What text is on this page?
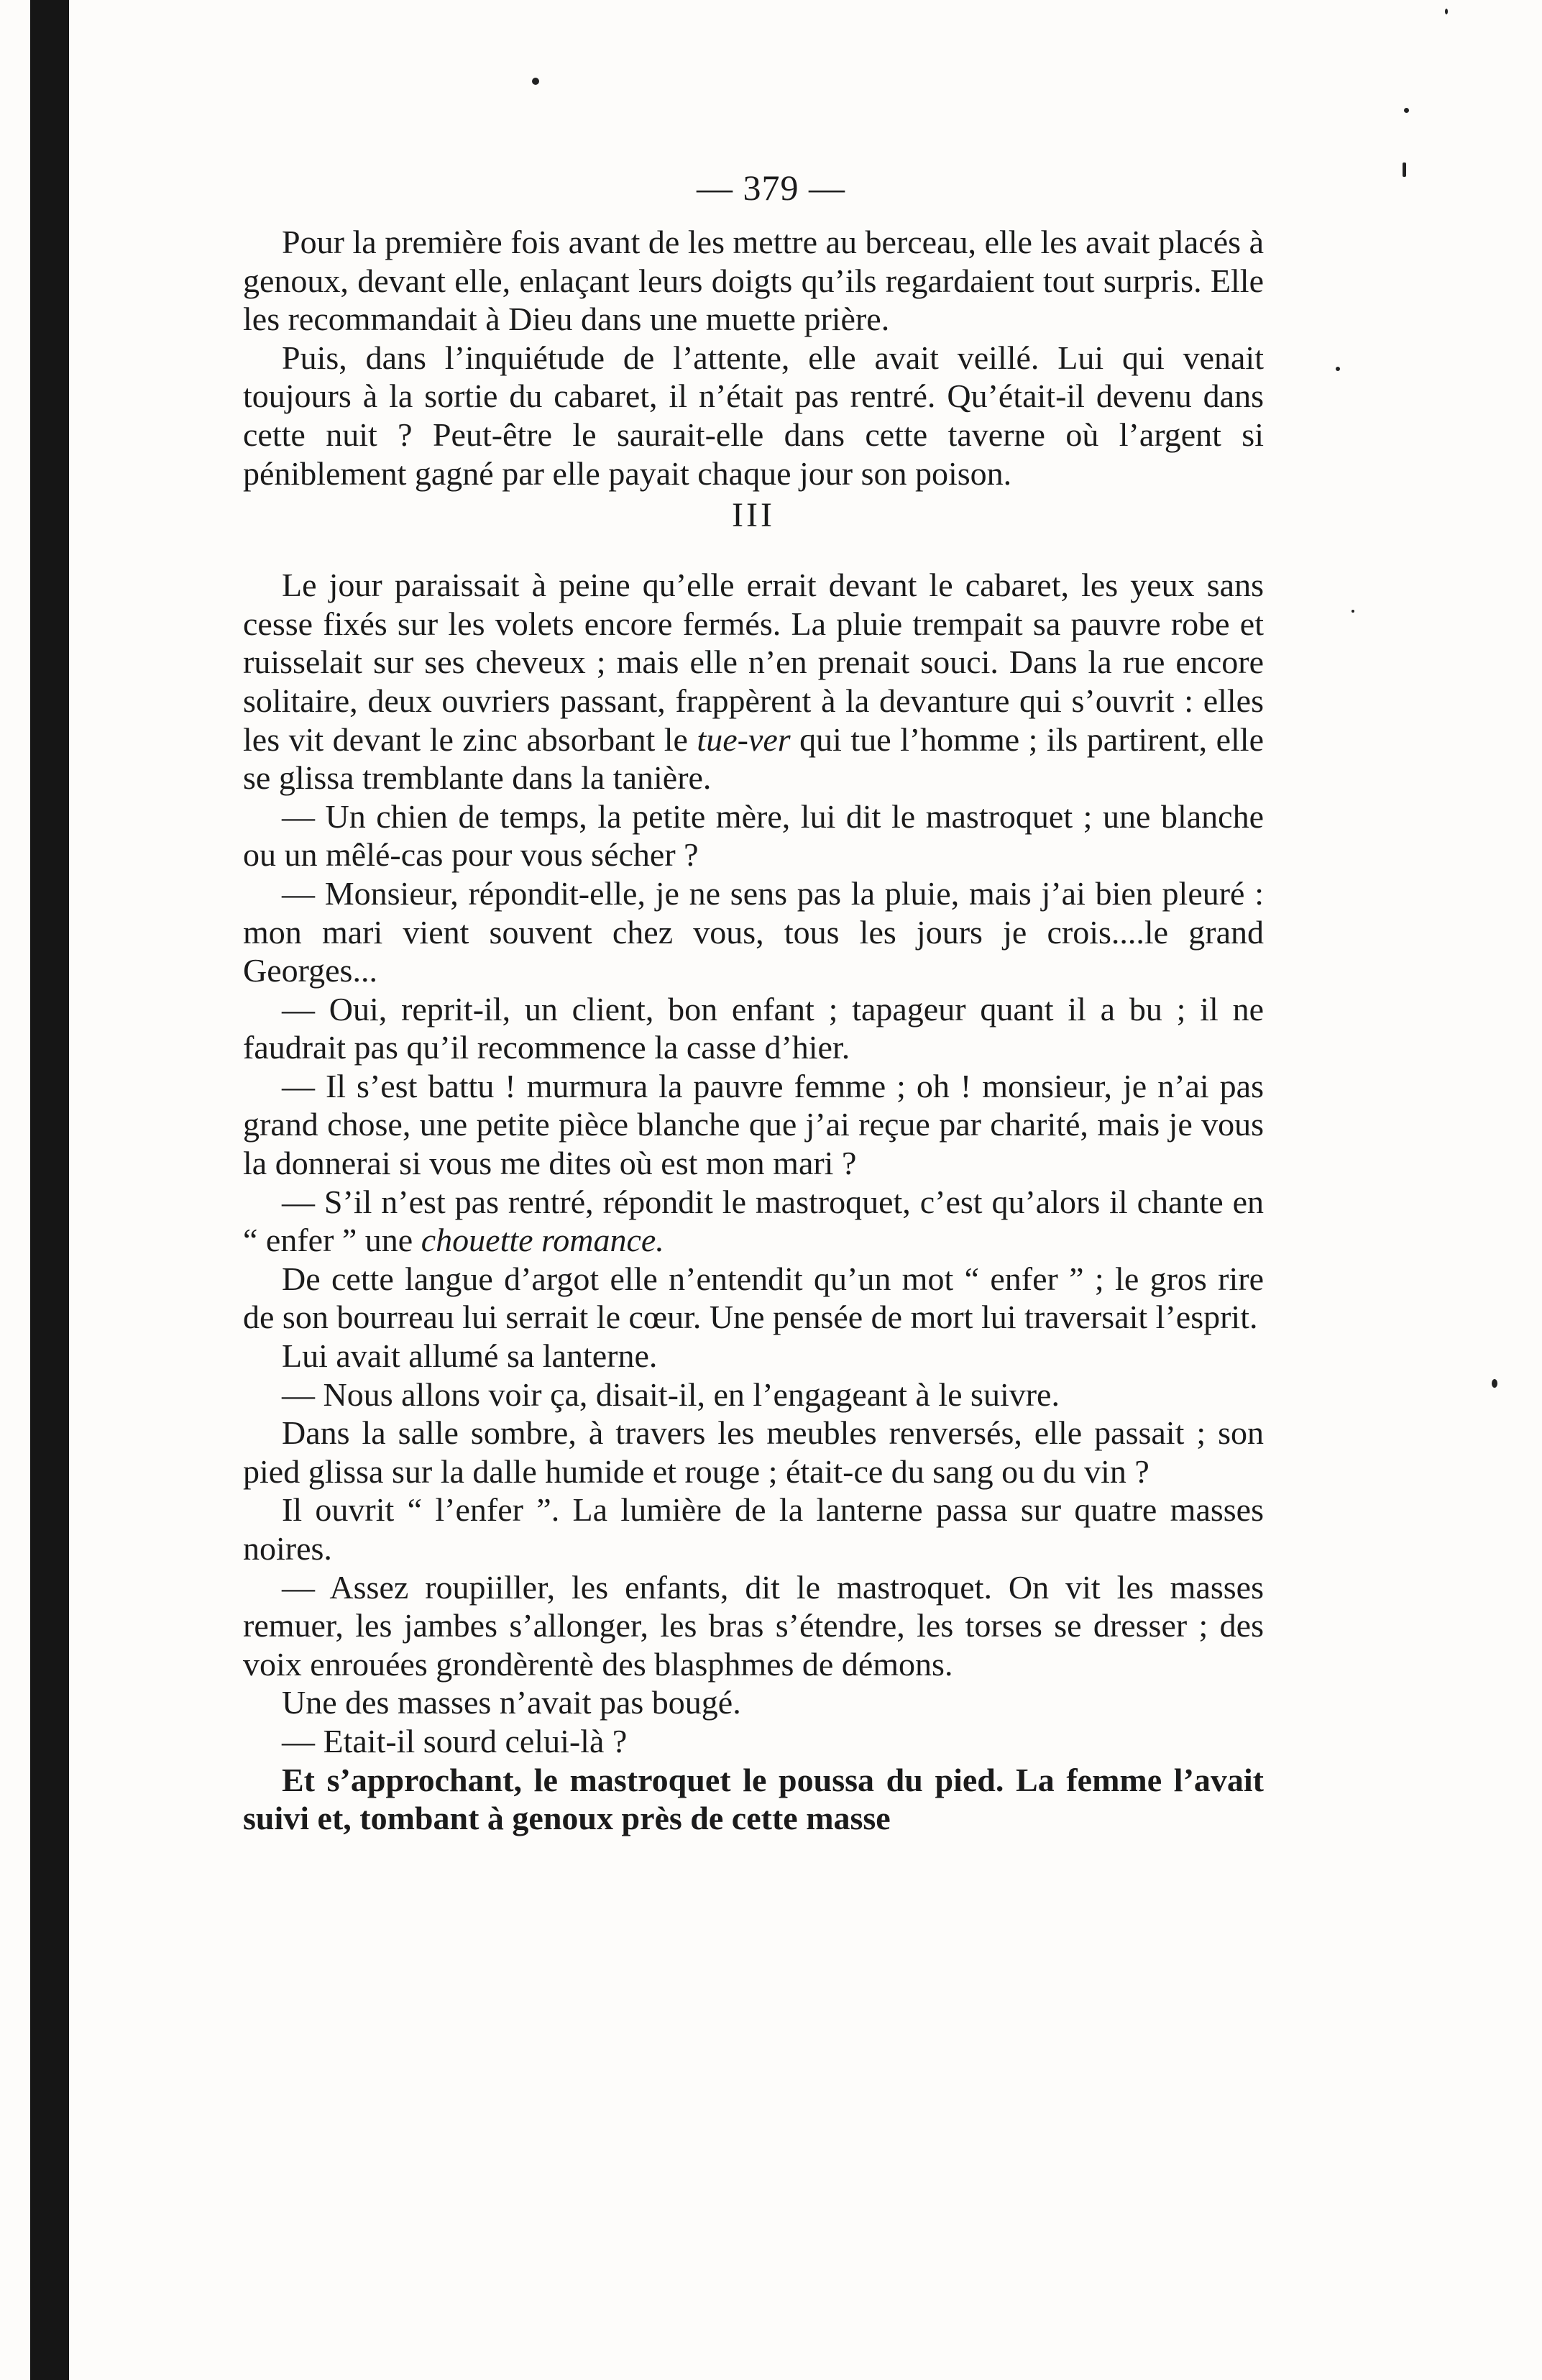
— 379 —

Pour la première fois avant de les mettre au berceau, elle les avait placés à genoux, devant elle, enlaçant leurs doigts qu’ils regardaient tout surpris. Elle les recommandait à Dieu dans une muette prière.

Puis, dans l’inquiétude de l’attente, elle avait veillé. Lui qui venait toujours à la sortie du cabaret, il n’était pas rentré. Qu’était-il devenu dans cette nuit ? Peut-être le saurait-elle dans cette taverne où l’argent si péniblement gagné par elle payait chaque jour son poison.

III

Le jour paraissait à peine qu’elle errait devant le cabaret, les yeux sans cesse fixés sur les volets encore fermés. La pluie trempait sa pauvre robe et ruisselait sur ses cheveux ; mais elle n’en prenait souci. Dans la rue encore solitaire, deux ouvriers passant, frappèrent à la devanture qui s’ouvrit : elles les vit devant le zinc absorbant le tue-ver qui tue l’homme ; ils partirent, elle se glissa tremblante dans la tanière.

— Un chien de temps, la petite mère, lui dit le mastroquet ; une blanche ou un mêlé-cas pour vous sécher ?

— Monsieur, répondit-elle, je ne sens pas la pluie, mais j’ai bien pleuré : mon mari vient souvent chez vous, tous les jours je crois....le grand Georges...

— Oui, reprit-il, un client, bon enfant ; tapageur quant il a bu ; il ne faudrait pas qu’il recommence la casse d’hier.

— Il s’est battu ! murmura la pauvre femme ; oh ! monsieur, je n’ai pas grand chose, une petite pièce blanche que j’ai reçue par charité, mais je vous la donnerai si vous me dites où est mon mari ?

— S’il n’est pas rentré, répondit le mastroquet, c’est qu’alors il chante en “ enfer ” une chouette romance.

De cette langue d’argot elle n’entendit qu’un mot “ enfer ” ; le gros rire de son bourreau lui serrait le cœur. Une pensée de mort lui traversait l’esprit.

Lui avait allumé sa lanterne.

— Nous allons voir ça, disait-il, en l’engageant à le suivre.

Dans la salle sombre, à travers les meubles renversés, elle passait ; son pied glissa sur la dalle humide et rouge ; était-ce du sang ou du vin ?

Il ouvrit “ l’enfer ”. La lumière de la lanterne passa sur quatre masses noires.

— Assez roupiiller, les enfants, dit le mastroquet. On vit les masses remuer, les jambes s’allonger, les bras s’étendre, les torses se dresser ; des voix enrouées grondèrentè des blasphmes de démons.

Une des masses n’avait pas bougé.

— Etait-il sourd celui-là ?

Et s’approchant, le mastroquet le poussa du pied. La femme l’avait suivi et, tombant à genoux près de cette masse
